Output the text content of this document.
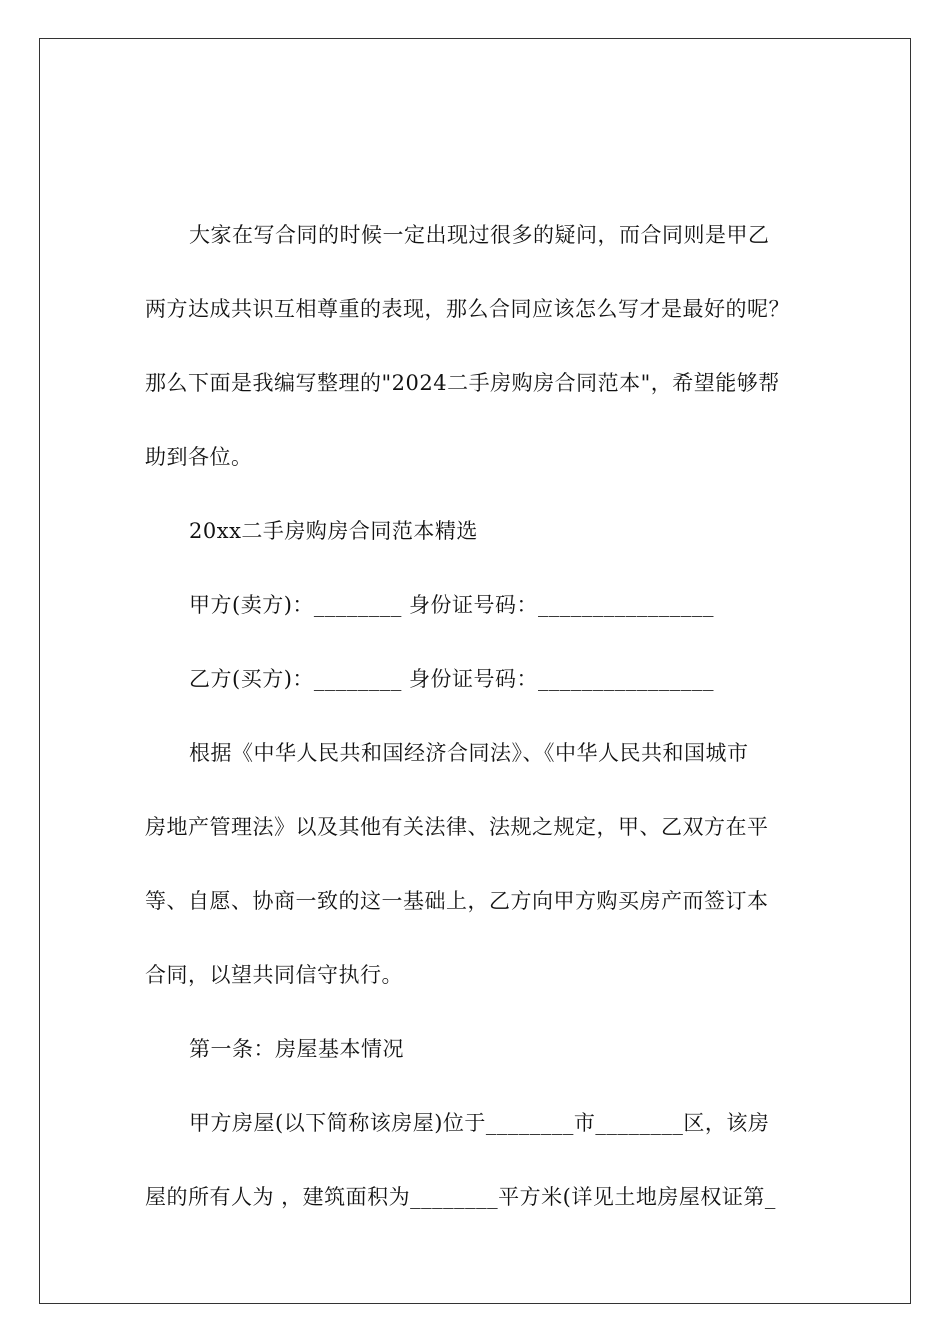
大家在写合同的时候一定出现过很多的疑问，而合同则是甲乙
两方达成共识互相尊重的表现，那么合同应该怎么写才是最好的呢？
那么下面是我编写整理的"2024二手房购房合同范本"，希望能够帮
助到各位。
20xx二手房购房合同范本精选
甲方(卖方)：________ 身份证号码：________________
乙方(买方)：________ 身份证号码：________________
根据《中华人民共和国经济合同法》、《中华人民共和国城市
房地产管理法》以及其他有关法律、法规之规定，甲、乙双方在平
等、自愿、协商一致的这一基础上，乙方向甲方购买房产而签订本
合同，以望共同信守执行。
第一条：房屋基本情况
甲方房屋(以下简称该房屋)位于________市________区，该房
屋的所有人为 ，建筑面积为________平方米(详见土地房屋权证第_
